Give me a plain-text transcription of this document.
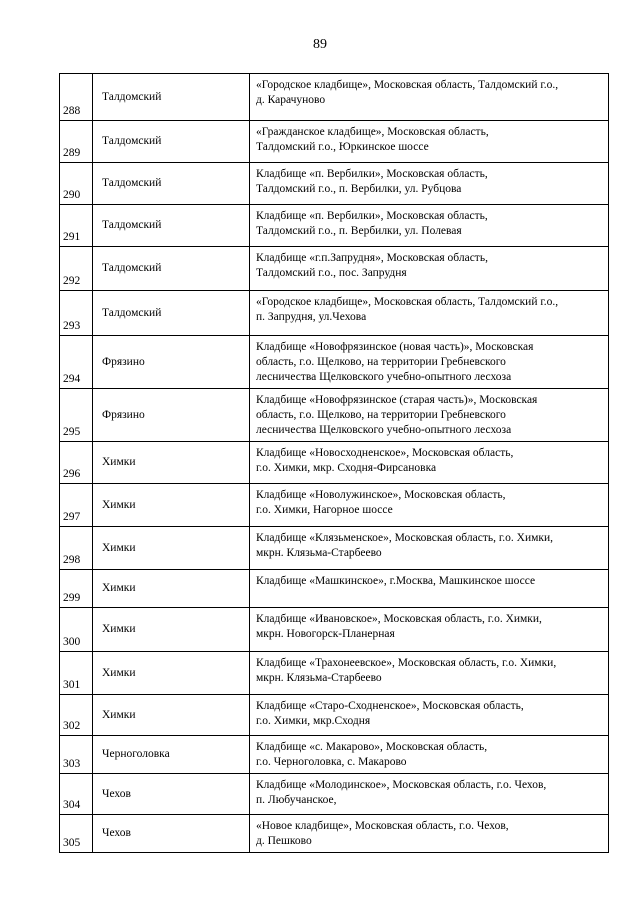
89
288	Талдомский	«Городское кладбище», Московская область, Талдомский г.о.,
д. Карачуново
289	Талдомский	«Гражданское кладбище», Московская область,
Талдомский г.о., Юркинское шоссе
290	Талдомский	Кладбище «п. Вербилки», Московская область,
Талдомский г.о., п. Вербилки, ул. Рубцова
291	Талдомский	Кладбище «п. Вербилки», Московская область,
Талдомский г.о., п. Вербилки, ул. Полевая
292	Талдомский	Кладбище «г.п.Запрудня», Московская область,
Талдомский г.о., пос. Запрудня
293	Талдомский	«Городское кладбище», Московская область, Талдомский г.о.,
п. Запрудня, ул.Чехова
294	Фрязино	Кладбище «Новофрязинское (новая часть)», Московская
область, г.о. Щелково, на территории Гребневского
лесничества Щелковского учебно-опытного лесхоза
295	Фрязино	Кладбище «Новофрязинское (старая часть)», Московская
область, г.о. Щелково, на территории Гребневского
лесничества Щелковского учебно-опытного лесхоза
296	Химки	Кладбище «Новосходненское», Московская область,
г.о. Химки, мкр. Сходня-Фирсановка
297	Химки	Кладбище «Новолужинское», Московская область,
г.о. Химки, Нагорное шоссе
298	Химки	Кладбище «Клязьменское», Московская область, г.о. Химки,
мкрн. Клязьма-Старбеево
299	Химки	Кладбище «Машкинское», г.Москва, Машкинское шоссе
300	Химки	Кладбище «Ивановское», Московская область, г.о. Химки,
мкрн. Новогорск-Планерная
301	Химки	Кладбище «Трахонеевское», Московская область, г.о. Химки,
мкрн. Клязьма-Старбеево
302	Химки	Кладбище «Старо-Сходненское», Московская область,
г.о. Химки, мкр.Сходня
303	Черноголовка	Кладбище «с. Макарово», Московская область,
г.о. Черноголовка, с. Макарово
304	Чехов	Кладбище «Молодинское», Московская область, г.о. Чехов,
п. Любучанское,
305	Чехов	«Новое кладбище», Московская область, г.о. Чехов,
д. Пешково
